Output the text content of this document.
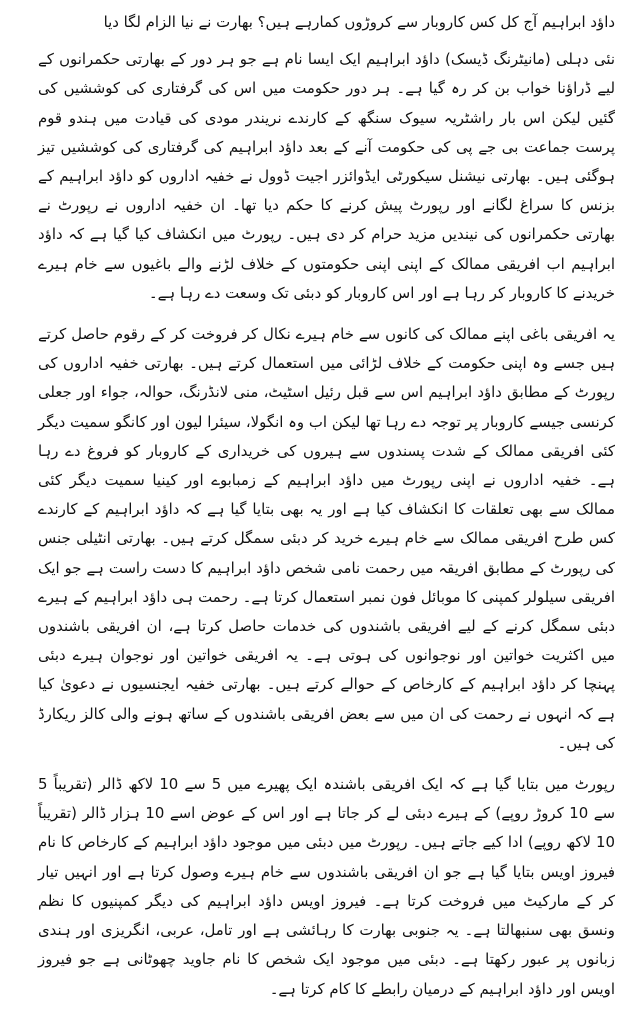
داؤد ابراہیم آج کل کس کاروبار سے کروڑوں کمارہے ہیں؟ بھارت نے نیا الزام لگا دیا

نئی دہلی (مانیٹرنگ ڈیسک) داؤد ابراہیم ایک ایسا نام ہے جو ہر دور کے بھارتی حکمرانوں کے لیے ڈراؤنا خواب بن کر رہ گیا ہے۔ ہر دور حکومت میں اس کی گرفتاری کی کوششیں کی گئیں لیکن اس بار راشٹریہ سیوک سنگھ کے کارندے نریندر مودی کی قیادت میں ہندو قوم پرست جماعت بی جے پی کی حکومت آنے کے بعد داؤد ابراہیم کی گرفتاری کی کوششیں تیز ہوگئی ہیں۔ بھارتی نیشنل سیکورٹی ایڈوائزر اجیت ڈوول نے خفیہ اداروں کو داؤد ابراہیم کے بزنس کا سراغ لگانے اور رپورٹ پیش کرنے کا حکم دیا تھا۔ ان خفیہ اداروں نے رپورٹ نے بھارتی حکمرانوں کی نیندیں مزید حرام کر دی ہیں۔ رپورٹ میں انکشاف کیا گیا ہے کہ داؤد ابراہیم اب افریقی ممالک کے اپنی اپنی حکومتوں کے خلاف لڑنے والے باغیوں سے خام ہیرے خریدنے کا کاروبار کر رہا ہے اور اس کاروبار کو دبئی تک وسعت دے رہا ہے۔

یہ افریقی باغی اپنے ممالک کی کانوں سے خام ہیرے نکال کر فروخت کر کے رقوم حاصل کرتے ہیں جسے وہ اپنی حکومت کے خلاف لڑائی میں استعمال کرتے ہیں۔ بھارتی خفیہ اداروں کی رپورٹ کے مطابق داؤد ابراہیم اس سے قبل رئیل اسٹیٹ، منی لانڈرنگ، حوالہ، جواء اور جعلی کرنسی جیسے کاروبار پر توجہ دے رہا تھا لیکن اب وہ انگولا، سیئرا لیون اور کانگو سمیت دیگر کئی افریقی ممالک کے شدت پسندوں سے ہیروں کی خریداری کے کاروبار کو فروغ دے رہا ہے۔ خفیہ اداروں نے اپنی رپورٹ میں داؤد ابراہیم کے زمبابوے اور کینیا سمیت دیگر کئی ممالک سے بھی تعلقات کا انکشاف کیا ہے اور یہ بھی بتایا گیا ہے کہ داؤد ابراہیم کے کارندے کس طرح افریقی ممالک سے خام ہیرے خرید کر دبئی سمگل کرتے ہیں۔ بھارتی انٹیلی جنس کی رپورٹ کے مطابق افریقہ میں رحمت نامی شخص داؤد ابراہیم کا دست راست ہے جو ایک افریقی سیلولر کمپنی کا موبائل فون نمبر استعمال کرتا ہے۔ رحمت ہی داؤد ابراہیم کے ہیرے دبئی سمگل کرنے کے لیے افریقی باشندوں کی خدمات حاصل کرتا ہے، ان افریقی باشندوں میں اکثریت خواتین اور نوجوانوں کی ہوتی ہے۔ یہ افریقی خواتین اور نوجوان ہیرے دبئی پہنچا کر داؤد ابراہیم کے کارخاص کے حوالے کرتے ہیں۔ بھارتی خفیہ ایجنسیوں نے دعویٰ کیا ہے کہ انہوں نے رحمت کی ان میں سے بعض افریقی باشندوں کے ساتھ ہونے والی کالز ریکارڈ کی ہیں۔

رپورٹ میں بتایا گیا ہے کہ ایک افریقی باشندہ ایک پھیرے میں 5 سے 10 لاکھ ڈالر (تقریباً 5 سے 10 کروڑ روپے) کے ہیرے دبئی لے کر جاتا ہے اور اس کے عوض اسے 10 ہزار ڈالر (تقریباً 10 لاکھ روپے) ادا کیے جاتے ہیں۔ رپورٹ میں دبئی میں موجود داؤد ابراہیم کے کارخاص کا نام فیروز اویس بتایا گیا ہے جو ان افریقی باشندوں سے خام ہیرے وصول کرتا ہے اور انہیں تیار کر کے مارکیٹ میں فروخت کرتا ہے۔ فیروز اویس داؤد ابراہیم کی دیگر کمپنیوں کا نظم ونسق بھی سنبھالتا ہے۔ یہ جنوبی بھارت کا رہائشی ہے اور تامل، عربی، انگریزی اور ہندی زبانوں پر عبور رکھتا ہے۔ دبئی میں موجود ایک شخص کا نام جاوید چھوٹانی ہے جو فیروز اویس اور داؤد ابراہیم کے درمیان رابطے کا کام کرتا ہے۔
